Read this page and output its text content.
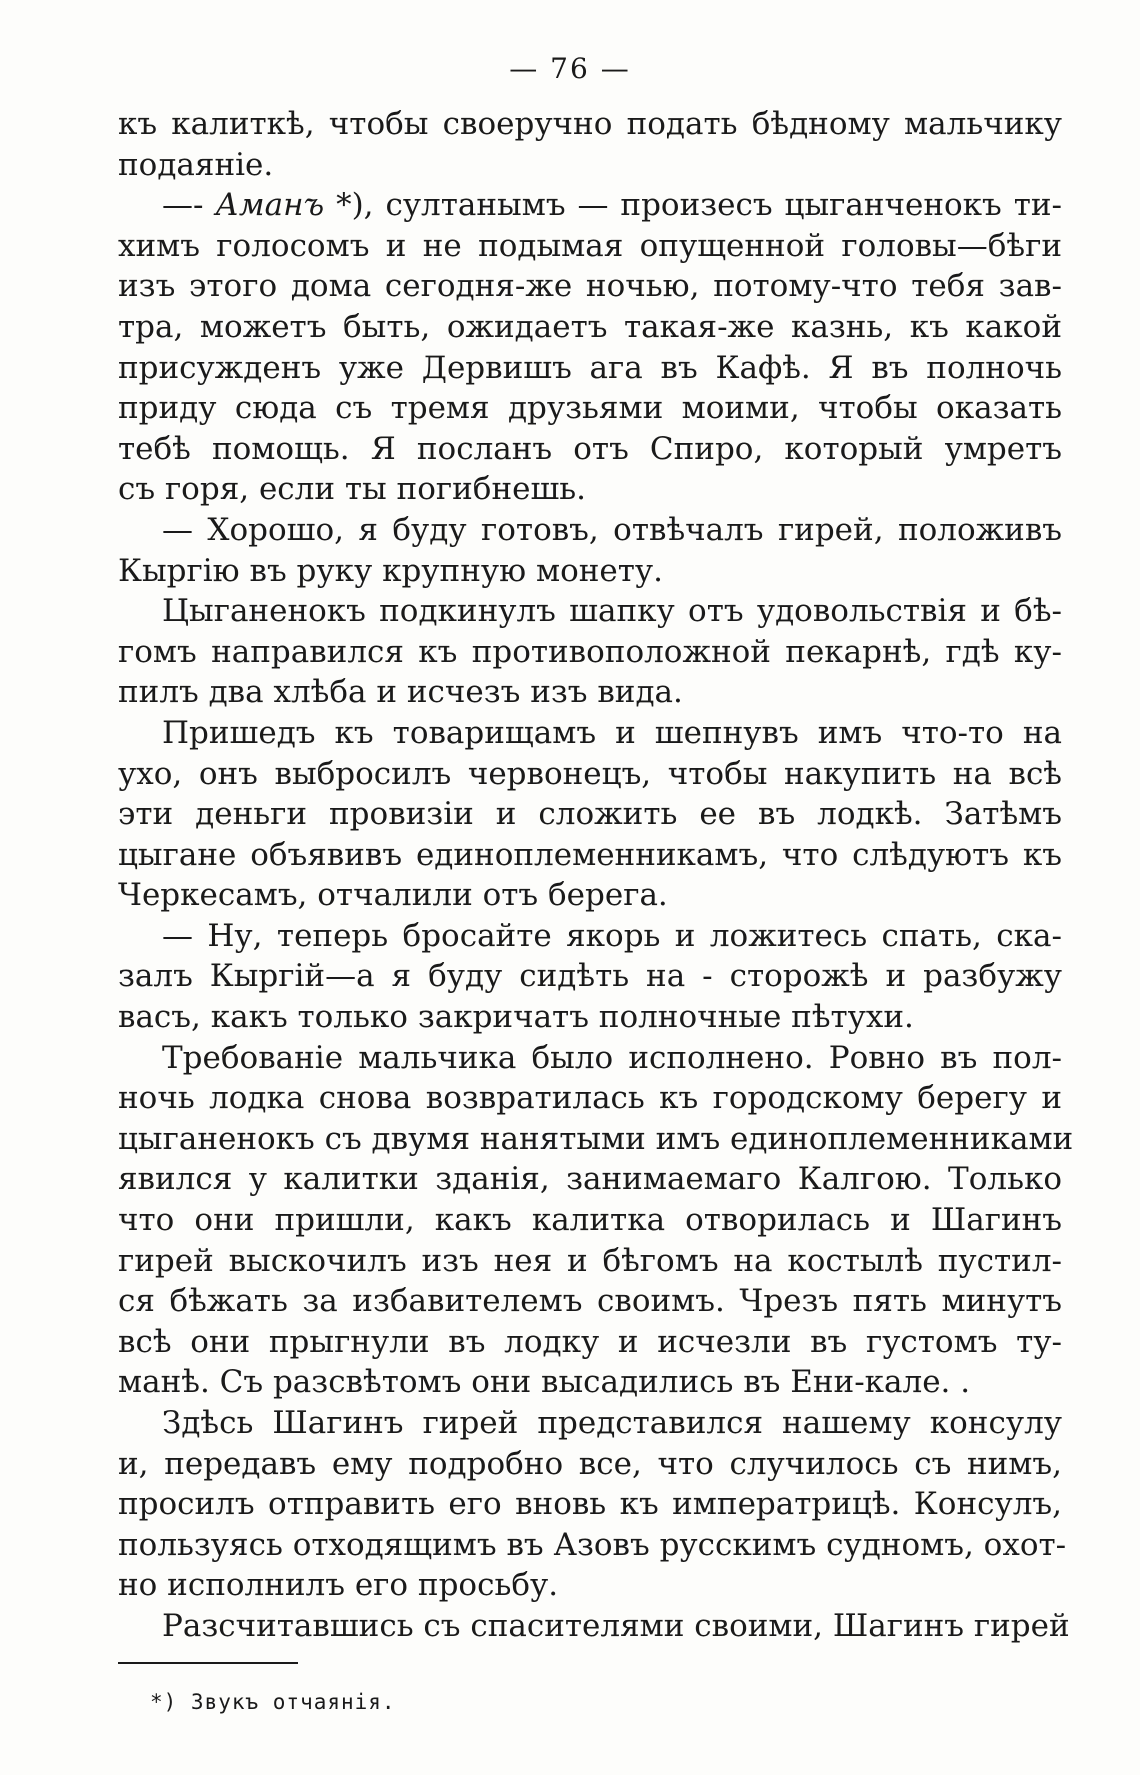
— 76 —
къ калиткѣ, чтобы своеручно подать бѣдному мальчику
подаяніе.
—- Аманъ *), султанымъ — произесъ цыганченокъ ти-
химъ голосомъ и не подымая опущенной головы—бѣги
изъ этого дома сегодня-же ночью, потому-что тебя зав-
тра, можетъ быть, ожидаетъ такая-же казнь, къ какой
присужденъ уже Дервишъ ага въ Кафѣ. Я въ полночь
приду сюда съ тремя друзьями моими, чтобы оказать
тебѣ помощь. Я посланъ отъ Спиро, который умретъ
съ горя, если ты погибнешь.
— Хорошо, я буду готовъ, отвѣчалъ гирей, положивъ
Кыргію въ руку крупную монету.
Цыганенокъ подкинулъ шапку отъ удовольствія и бѣ-
гомъ направился къ противоположной пекарнѣ, гдѣ ку-
пилъ два хлѣба и исчезъ изъ вида.
Пришедъ къ товарищамъ и шепнувъ имъ что-то на
ухо, онъ выбросилъ червонецъ, чтобы накупить на всѣ
эти деньги провизіи и сложить ее въ лодкѣ. Затѣмъ
цыгане объявивъ единоплеменникамъ, что слѣдуютъ къ
Черкесамъ, отчалили отъ берега.
— Ну, теперь бросайте якорь и ложитесь спать, ска-
залъ Кыргій—а я буду сидѣть на - сторожѣ и разбужу
васъ, какъ только закричатъ полночные пѣтухи.
Требованіе мальчика было исполнено. Ровно въ пол-
ночь лодка снова возвратилась къ городскому берегу и
цыганенокъ съ двумя нанятыми имъ единоплеменниками
явился у калитки зданія, занимаемаго Калгою. Только
что они пришли, какъ калитка отворилась и Шагинъ
гирей выскочилъ изъ нея и бѣгомъ на костылѣ пустил-
ся бѣжать за избавителемъ своимъ. Чрезъ пять минутъ
всѣ они прыгнули въ лодку и исчезли въ густомъ ту-
манѣ. Съ разсвѣтомъ они высадились въ Ени-кале. .
Здѣсь Шагинъ гирей представился нашему консулу
и, передавъ ему подробно все, что случилось съ нимъ,
просилъ отправить его вновь къ императрицѣ. Консулъ,
пользуясь отходящимъ въ Азовъ русскимъ судномъ, охот-
но исполнилъ его просьбу.
Разсчитавшись съ спасителями своими, Шагинъ гирей
*) Звукъ отчаянія.
